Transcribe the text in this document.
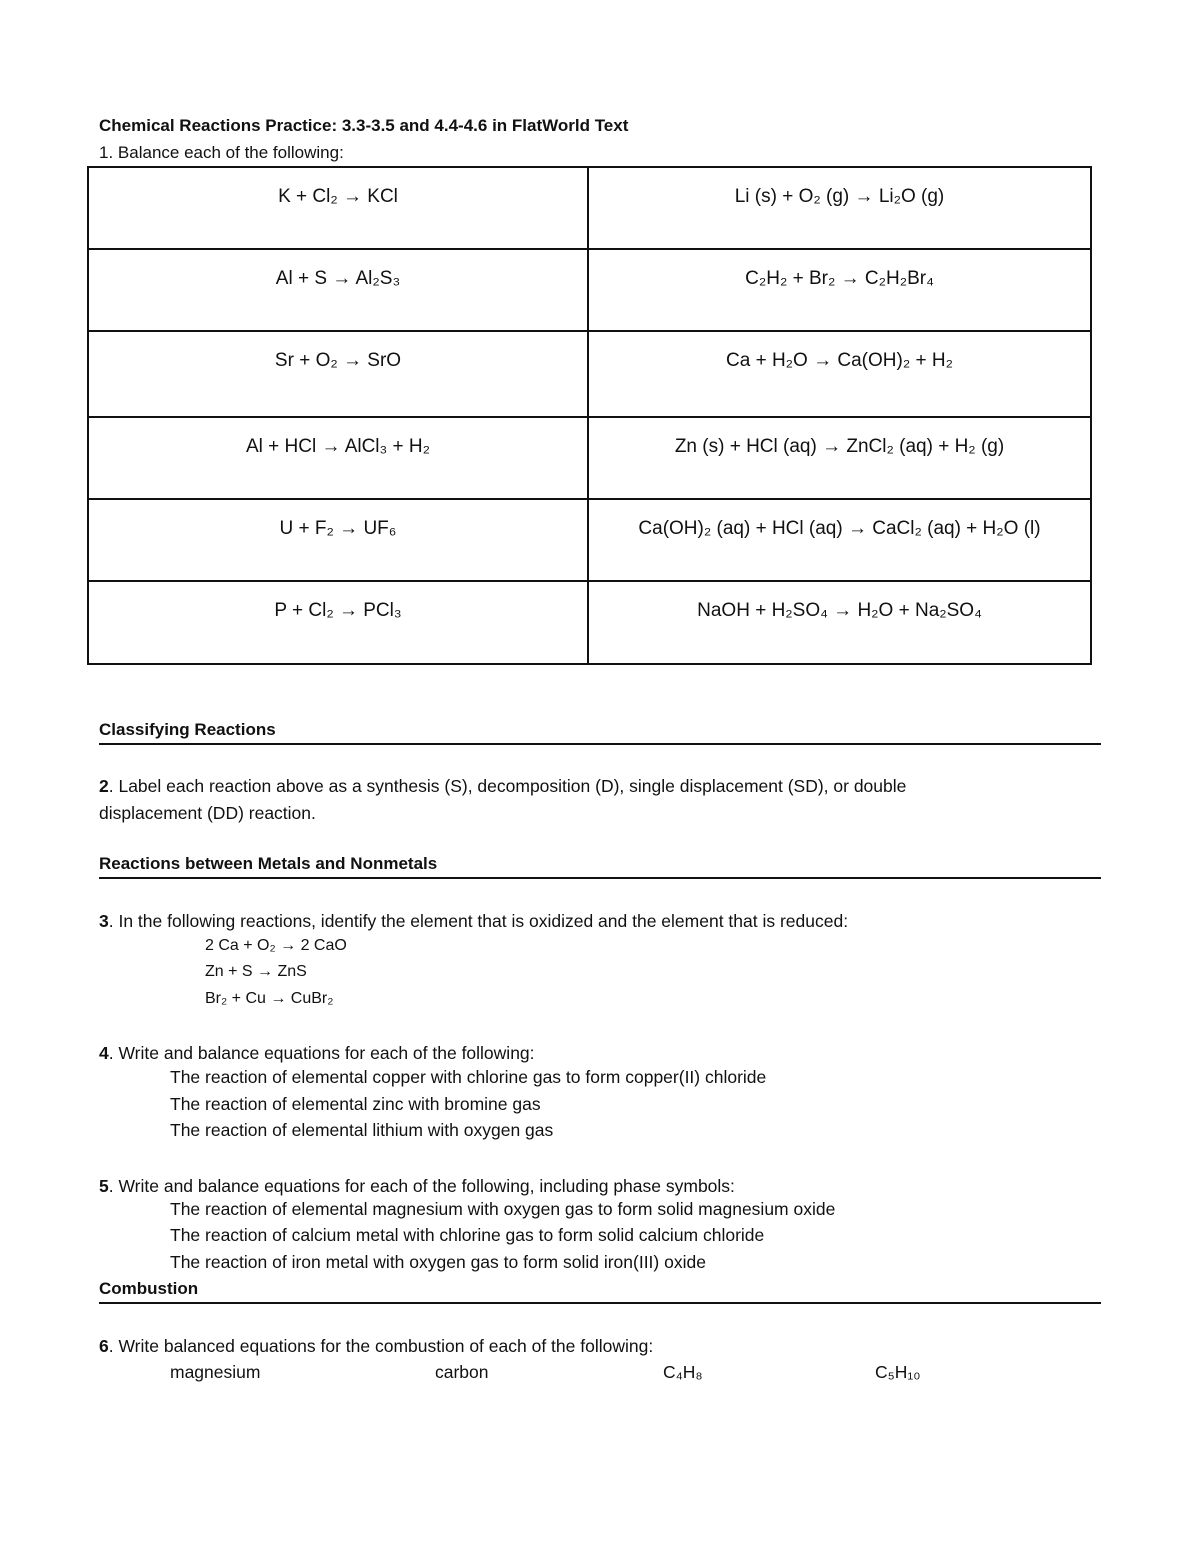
Chemical Reactions Practice: 3.3-3.5 and 4.4-4.6 in FlatWorld Text
1. Balance each of the following:
K + Cl₂ → KCl	Li (s) + O₂ (g) → Li₂O (g)
Al + S → Al₂S₃	C₂H₂ + Br₂ → C₂H₂Br₄
Sr + O₂ → SrO	Ca + H₂O → Ca(OH)₂ + H₂
Al + HCl → AlCl₃ + H₂	Zn (s) + HCl (aq) → ZnCl₂ (aq) + H₂ (g)
U + F₂ → UF₆	Ca(OH)₂ (aq) + HCl (aq) → CaCl₂ (aq) + H₂O (l)
P + Cl₂ → PCl₃	NaOH + H₂SO₄ → H₂O + Na₂SO₄
Classifying Reactions
2. Label each reaction above as a synthesis (S), decomposition (D), single displacement (SD), or double
displacement (DD) reaction.
Reactions between Metals and Nonmetals
3. In the following reactions, identify the element that is oxidized and the element that is reduced:
2 Ca + O₂ → 2 CaO
Zn + S → ZnS
Br₂ + Cu → CuBr₂
4. Write and balance equations for each of the following:
The reaction of elemental copper with chlorine gas to form copper(II) chloride
The reaction of elemental zinc with bromine gas
The reaction of elemental lithium with oxygen gas
5. Write and balance equations for each of the following, including phase symbols:
The reaction of elemental magnesium with oxygen gas to form solid magnesium oxide
The reaction of calcium metal with chlorine gas to form solid calcium chloride
The reaction of iron metal with oxygen gas to form solid iron(III) oxide
Combustion
6. Write balanced equations for the combustion of each of the following:
magnesium	carbon	C₄H₈	C₅H₁₀
